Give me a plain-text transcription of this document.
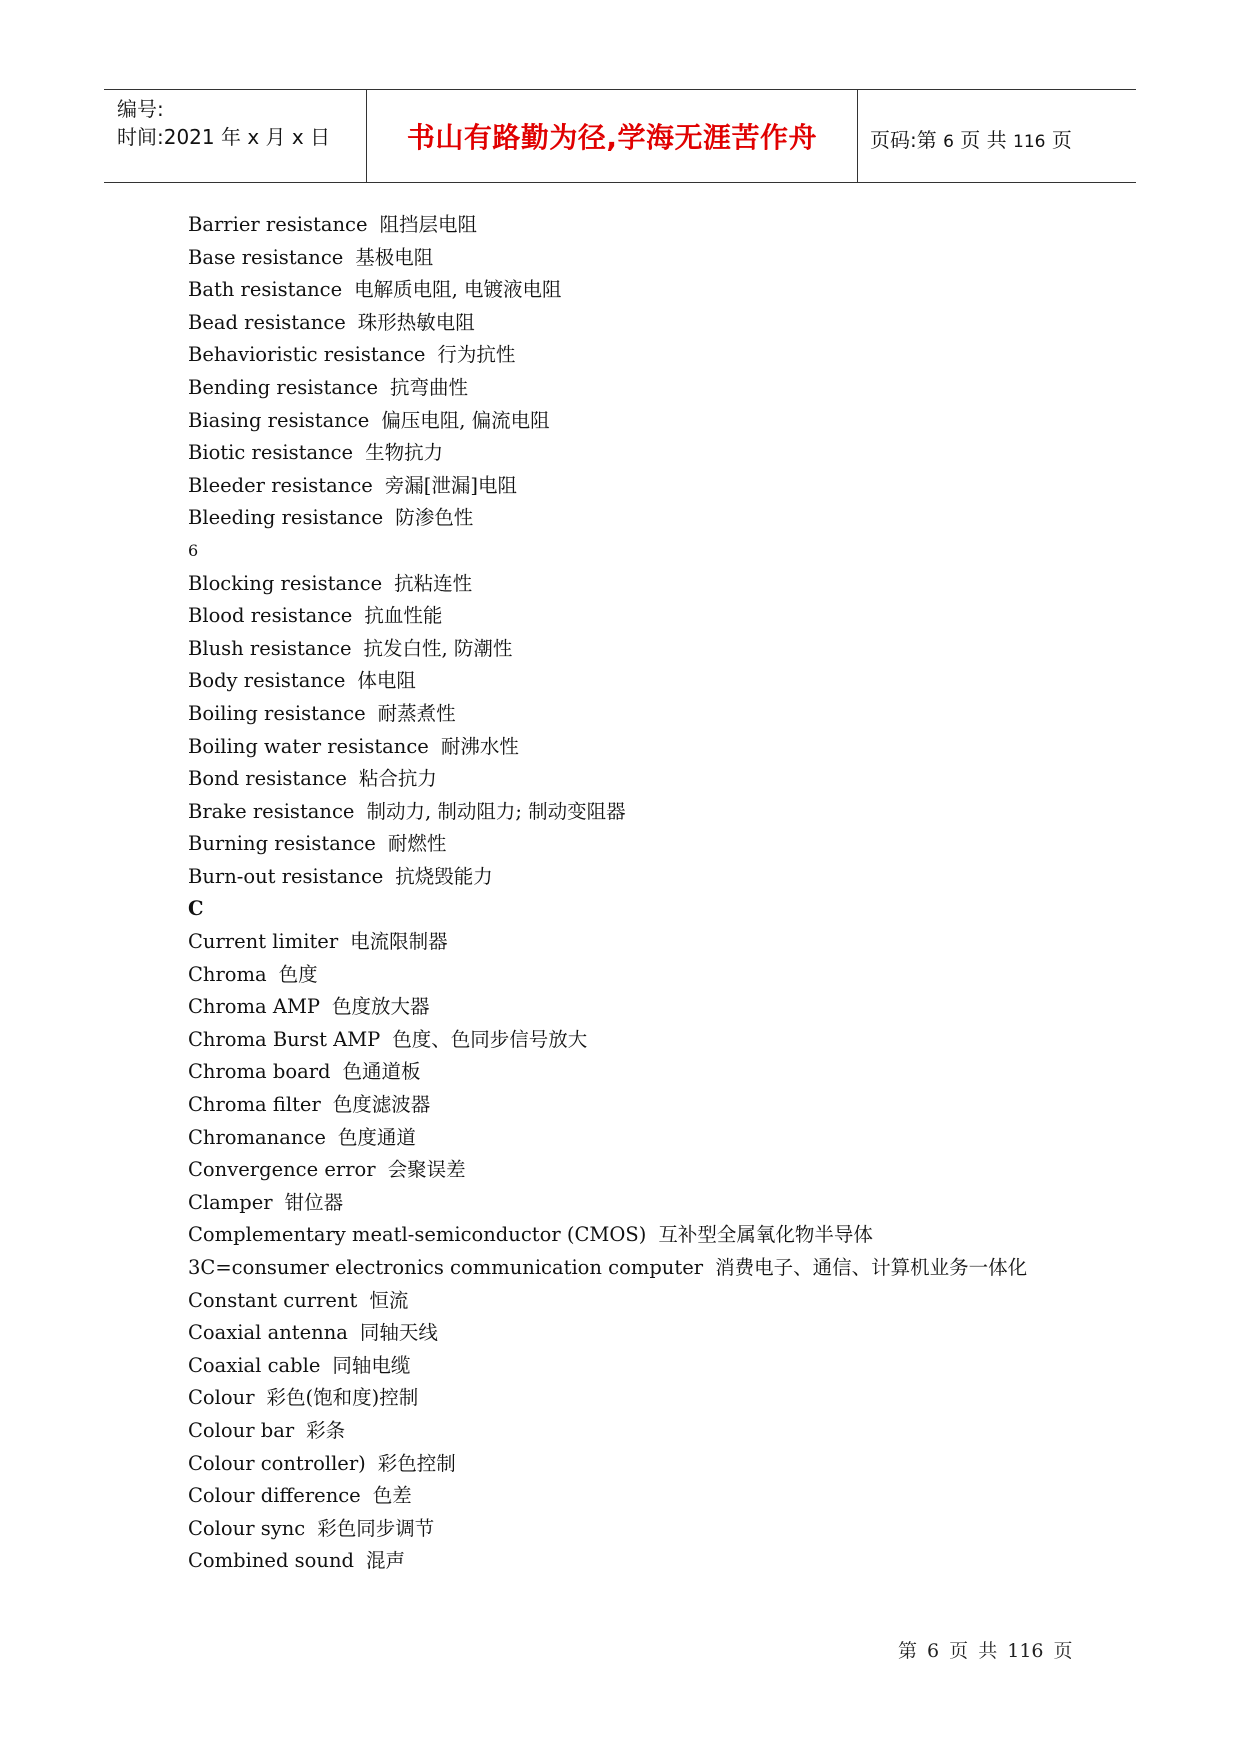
编号:
时间:2021 年 x 月 x 日	书山有路勤为径,学海无涯苦作舟	页码:第 6 页 共 116 页
Barrier resistance 阻挡层电阻
Base resistance 基极电阻
Bath resistance 电解质电阻, 电镀液电阻
Bead resistance 珠形热敏电阻
Behavioristic resistance 行为抗性
Bending resistance 抗弯曲性
Biasing resistance 偏压电阻, 偏流电阻
Biotic resistance 生物抗力
Bleeder resistance 旁漏[泄漏]电阻
Bleeding resistance 防渗色性
6
Blocking resistance 抗粘连性
Blood resistance 抗血性能
Blush resistance 抗发白性, 防潮性
Body resistance 体电阻
Boiling resistance 耐蒸煮性
Boiling water resistance 耐沸水性
Bond resistance 粘合抗力
Brake resistance 制动力, 制动阻力; 制动变阻器
Burning resistance 耐燃性
Burn-out resistance 抗烧毁能力
C
Current limiter 电流限制器
Chroma 色度
Chroma AMP 色度放大器
Chroma Burst AMP 色度、色同步信号放大
Chroma board 色通道板
Chroma filter 色度滤波器
Chromanance 色度通道
Convergence error 会聚误差
Clamper 钳位器
Complementary meatl-semiconductor (CMOS) 互补型全属氧化物半导体
3C=consumer electronics communication computer 消费电子、通信、计算机业务一体化
Constant current 恒流
Coaxial antenna 同轴天线
Coaxial cable 同轴电缆
Colour 彩色(饱和度)控制
Colour bar 彩条
Colour controller) 彩色控制
Colour difference 色差
Colour sync 彩色同步调节
Combined sound 混声
第 6 页 共 116 页
